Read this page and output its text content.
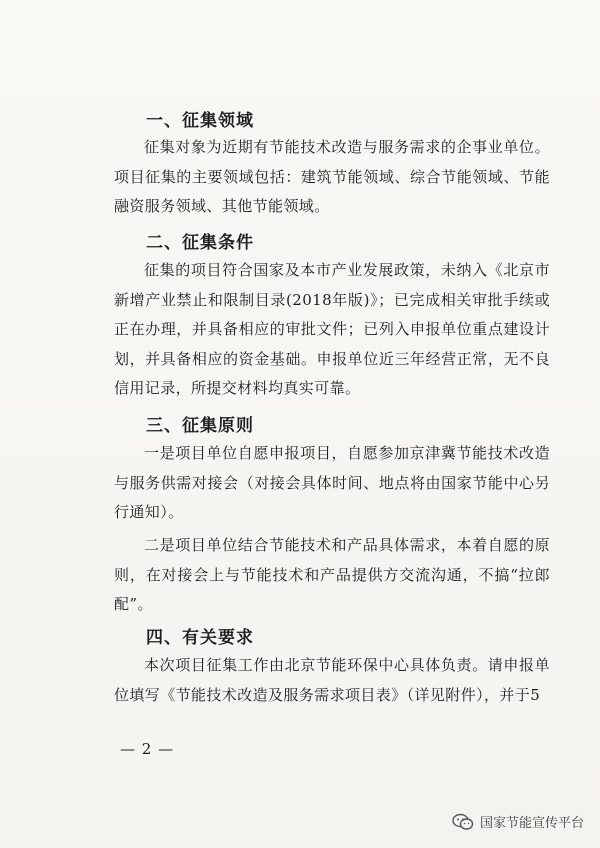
一、征集领域
征集对象为近期有节能技术改造与服务需求的企事业单位。项目征集的主要领域包括：建筑节能领域、综合节能领域、节能融资服务领域、其他节能领域。
二、征集条件
征集的项目符合国家及本市产业发展政策，未纳入《北京市新增产业禁止和限制目录(2018年版)》；已完成相关审批手续或正在办理，并具备相应的审批文件；已列入申报单位重点建设计划，并具备相应的资金基础。申报单位近三年经营正常，无不良信用记录，所提交材料均真实可靠。
三、征集原则
一是项目单位自愿申报项目，自愿参加京津冀节能技术改造与服务供需对接会（对接会具体时间、地点将由国家节能中心另行通知）。
二是项目单位结合节能技术和产品具体需求，本着自愿的原则，在对接会上与节能技术和产品提供方交流沟通，不搞“拉郎配”。
四、有关要求
本次项目征集工作由北京节能环保中心具体负责。请申报单位填写《节能技术改造及服务需求项目表》（详见附件），并于5
— 2 —
国家节能宣传平台
